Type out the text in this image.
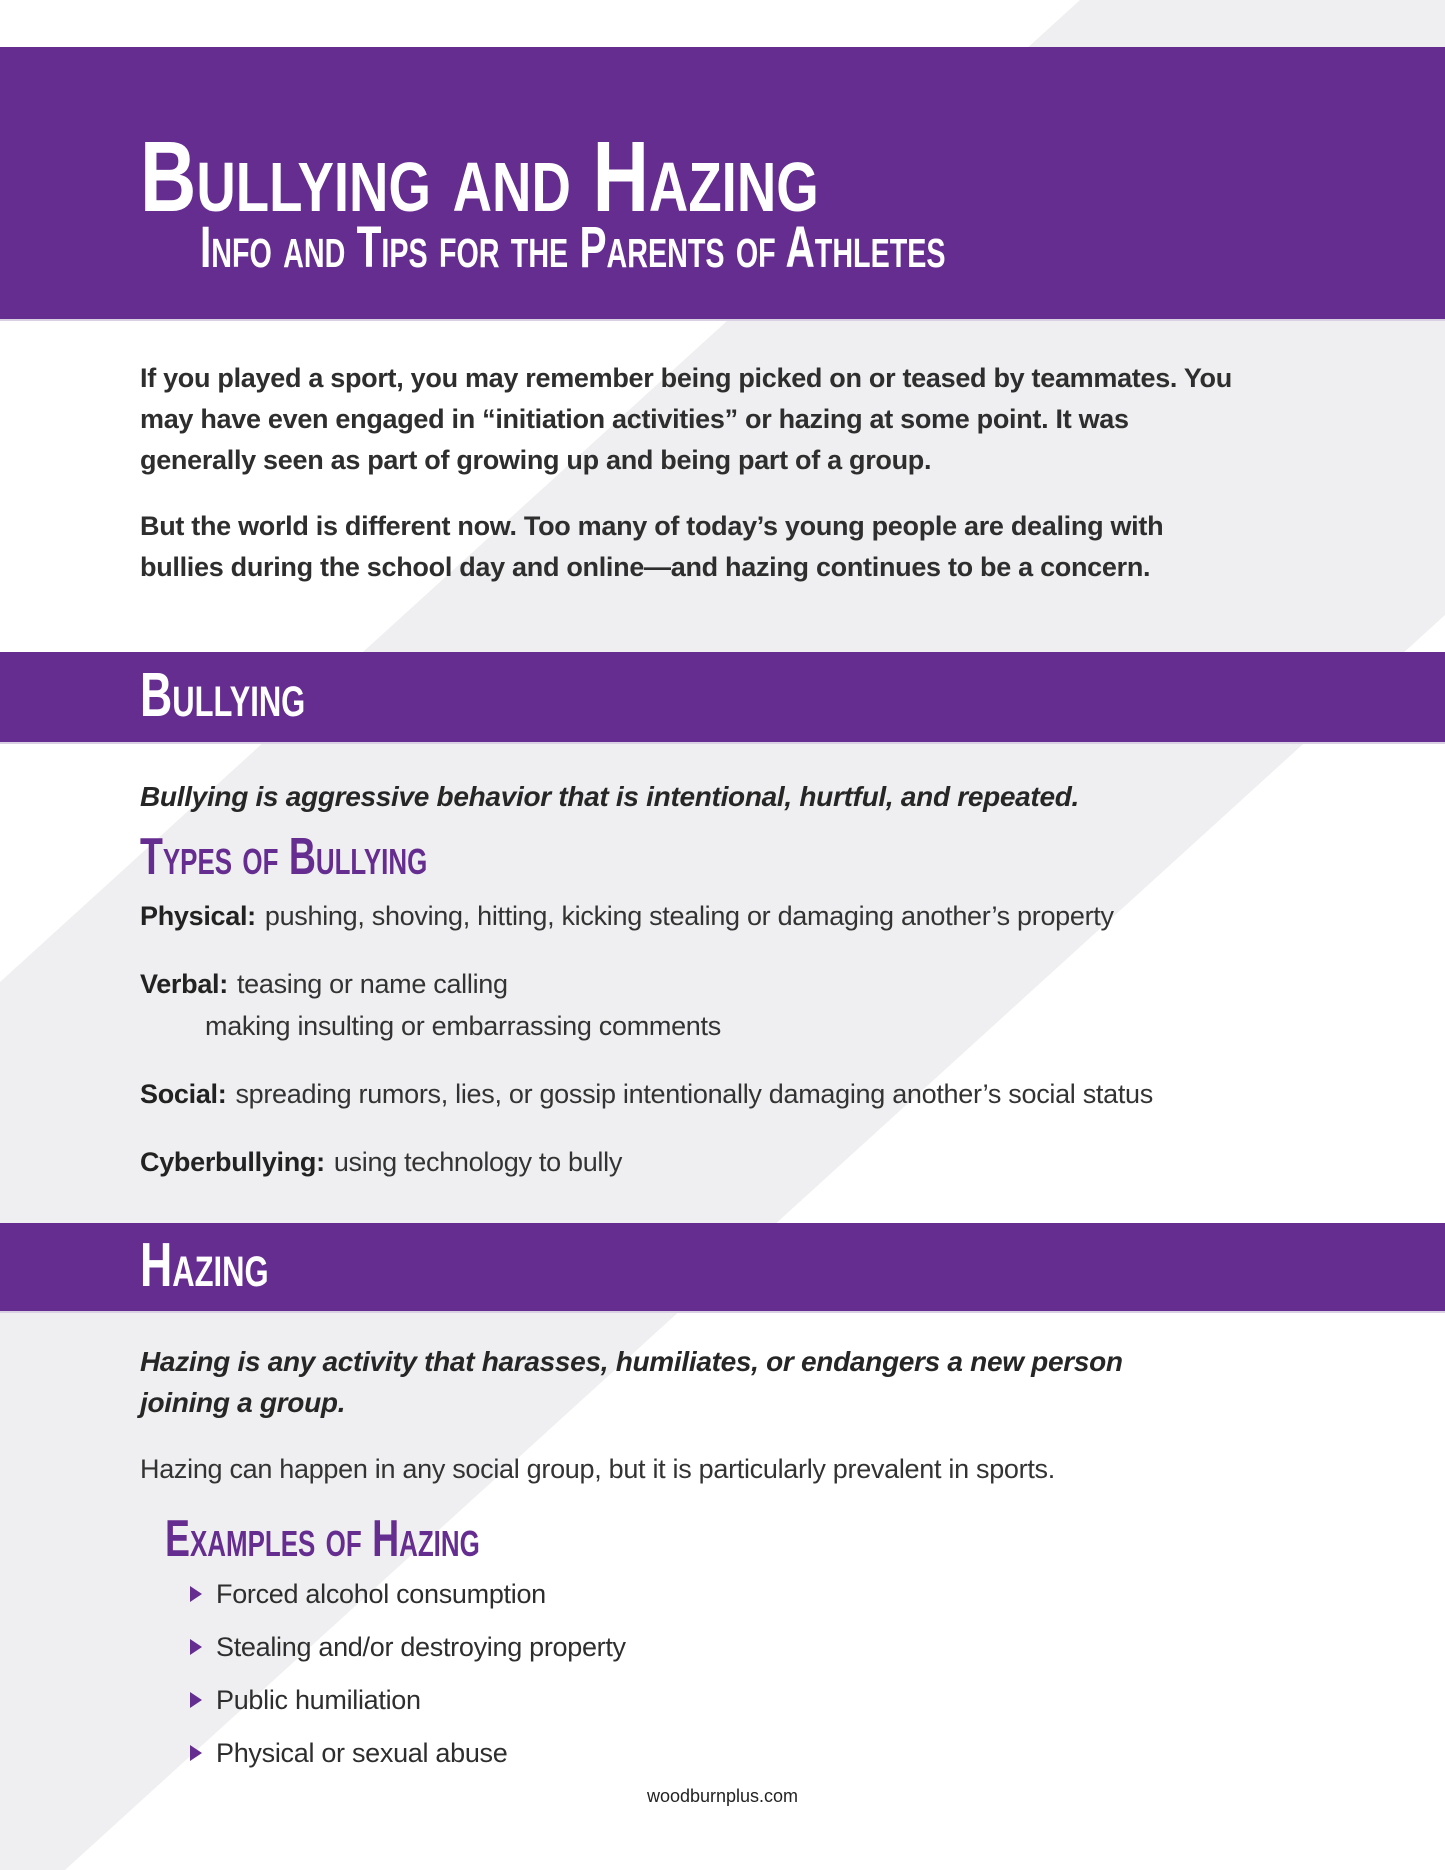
Bullying and Hazing
Info and Tips for the Parents of Athletes

If you played a sport, you may remember being picked on or teased by teammates. You may have even engaged in “initiation activities” or hazing at some point. It was generally seen as part of growing up and being part of a group.

But the world is different now. Too many of today’s young people are dealing with bullies during the school day and online—and hazing continues to be a concern.

Bullying

Bullying is aggressive behavior that is intentional, hurtful, and repeated.

Types of Bullying
Physical: pushing, shoving, hitting, kicking stealing or damaging another’s property
Verbal: teasing or name calling
making insulting or embarrassing comments
Social: spreading rumors, lies, or gossip intentionally damaging another’s social status
Cyberbullying: using technology to bully
Hazing

Hazing is any activity that harasses, humiliates, or endangers a new person joining a group.

Hazing can happen in any social group, but it is particularly prevalent in sports.

Examples of Hazing
Forced alcohol consumption
Stealing and/or destroying property
Public humiliation
Physical or sexual abuse
woodburnplus.com
